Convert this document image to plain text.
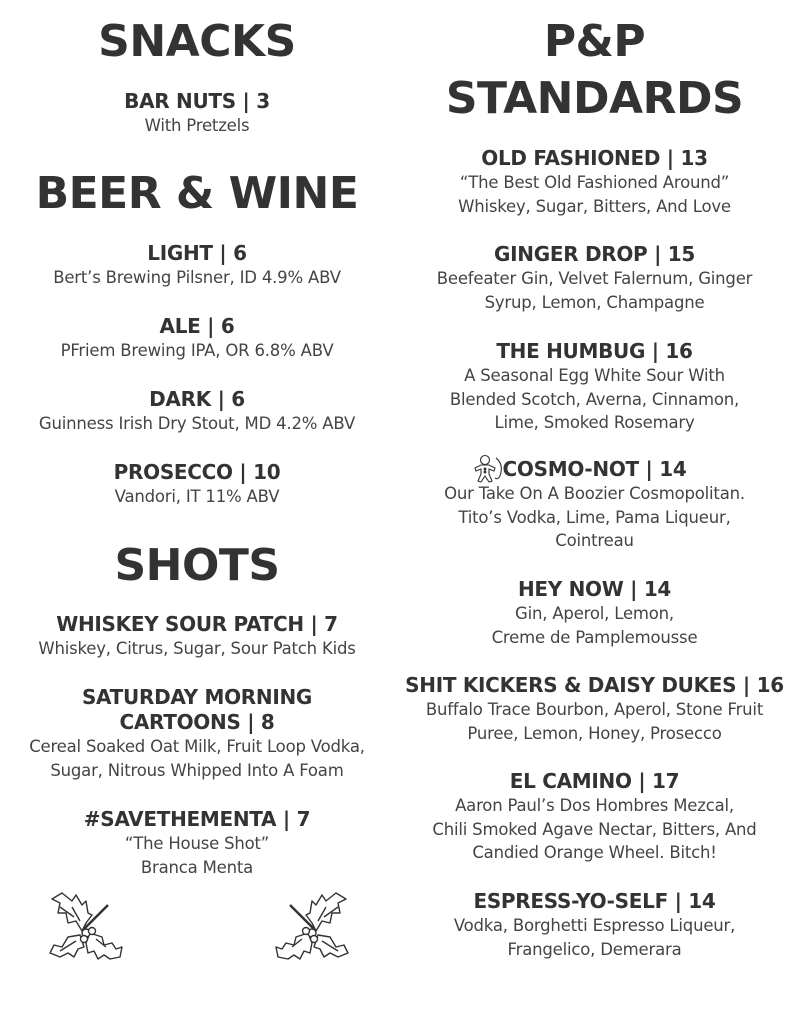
SNACKS
BAR NUTS | 3
With Pretzels
BEER & WINE
LIGHT | 6
Bert’s Brewing Pilsner, ID 4.9% ABV
ALE | 6
PFriem Brewing IPA, OR 6.8% ABV
DARK | 6
Guinness Irish Dry Stout, MD 4.2% ABV
PROSECCO | 10
Vandori, IT 11% ABV
SHOTS
WHISKEY SOUR PATCH | 7
Whiskey, Citrus, Sugar, Sour Patch Kids
SATURDAY MORNING
CARTOONS | 8
Cereal Soaked Oat Milk, Fruit Loop Vodka,
Sugar, Nitrous Whipped Into A Foam
#SAVETHEMENTA | 7
“The House Shot”
Branca Menta
P&P
STANDARDS
OLD FASHIONED | 13
“The Best Old Fashioned Around”
Whiskey, Sugar, Bitters, And Love
GINGER DROP | 15
Beefeater Gin, Velvet Falernum, Ginger
Syrup, Lemon, Champagne
THE HUMBUG | 16
A Seasonal Egg White Sour With
Blended Scotch, Averna, Cinnamon,
Lime, Smoked Rosemary
COSMO-NOT | 14
Our Take On A Boozier Cosmopolitan.
Tito’s Vodka, Lime, Pama Liqueur,
Cointreau
HEY NOW | 14
Gin, Aperol, Lemon,
Creme de Pamplemousse
SHIT KICKERS & DAISY DUKES | 16
Buffalo Trace Bourbon, Aperol, Stone Fruit
Puree, Lemon, Honey, Prosecco
EL CAMINO | 17
Aaron Paul’s Dos Hombres Mezcal,
Chili Smoked Agave Nectar, Bitters, And
Candied Orange Wheel. Bitch!
ESPRESS-YO-SELF | 14
Vodka, Borghetti Espresso Liqueur,
Frangelico, Demerara
